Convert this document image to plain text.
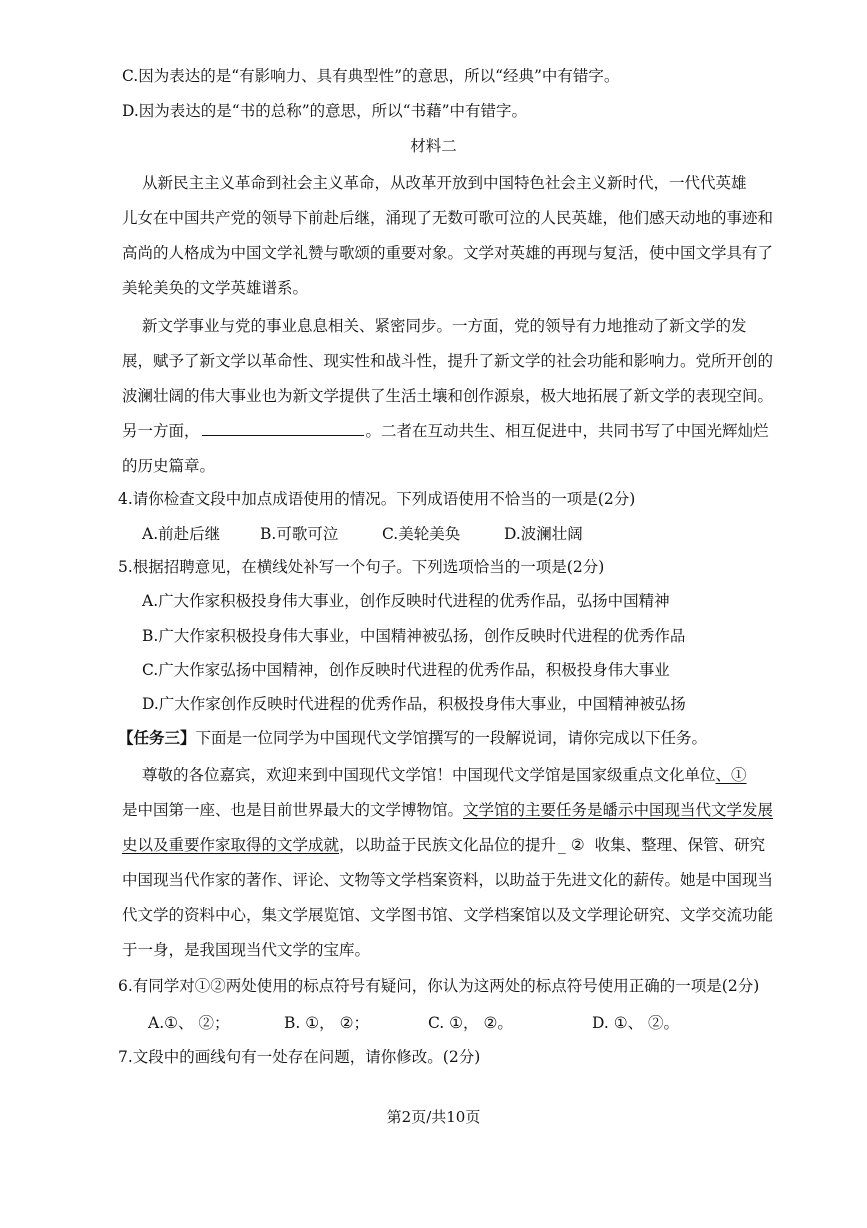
C.因为表达的是“有影响力、具有典型性”的意思，所以“经典”中有错字。
D.因为表达的是“书的总称”的意思，所以“书藉”中有错字。
材料二
从新民主主义革命到社会主义革命，从改革开放到中国特色社会主义新时代，一代代英雄
儿女在中国共产党的领导下前赴后继，涌现了无数可歌可泣的人民英雄，他们感天动地的事迹和
高尚的人格成为中国文学礼赞与歌颂的重要对象。文学对英雄的再现与复活，使中国文学具有了
美轮美奂的文学英雄谱系。
新文学事业与党的事业息息相关、紧密同步。一方面，党的领导有力地推动了新文学的发
展，赋予了新文学以革命性、现实性和战斗性，提升了新文学的社会功能和影响力。党所开创的
波澜壮阔的伟大事业也为新文学提供了生活土壤和创作源泉，极大地拓展了新文学的表现空间。
另一方面，	。二者在互动共生、相互促进中，共同书写了中国光辉灿烂
的历史篇章。
4.请你检查文段中加点成语使用的情况。下列成语使用不恰当的一项是(2分)
A.前赴后继	B.可歌可泣	C.美轮美奂	D.波澜壮阔
5.根据招聘意见，在横线处补写一个句子。下列选项恰当的一项是(2分)
A.广大作家积极投身伟大事业，创作反映时代进程的优秀作品，弘扬中国精神
B.广大作家积极投身伟大事业，中国精神被弘扬，创作反映时代进程的优秀作品
C.广大作家弘扬中国精神，创作反映时代进程的优秀作品，积极投身伟大事业
D.广大作家创作反映时代进程的优秀作品，积极投身伟大事业，中国精神被弘扬
【任务三】下面是一位同学为中国现代文学馆撰写的一段解说词，请你完成以下任务。
尊敬的各位嘉宾，欢迎来到中国现代文学馆！中国现代文学馆是国家级重点文化单位、①
是中国第一座、也是目前世界最大的文学博物馆。文学馆的主要任务是皤示中国现当代文学发展
史以及重要作家取得的文学成就，以助益于民族文化品位的提升 _ ② 收集、整理、保管、研究
中国现当代作家的著作、评论、文物等文学档案资料，以助益于先进文化的薪传。她是中国现当
代文学的资料中心，集文学展览馆、文学图书馆、文学档案馆以及文学理论研究、文学交流功能
于一身，是我国现当代文学的宝库。
6.有同学对①②两处使用的标点符号有疑问，你认为这两处的标点符号使用正确的一项是(2分)
A.①、 ②；	B. ①， ②；	C. ①， ②。	D. ①、 ②。
7.文段中的画线句有一处存在问题，请你修改。(2分)
第2页/共10页
